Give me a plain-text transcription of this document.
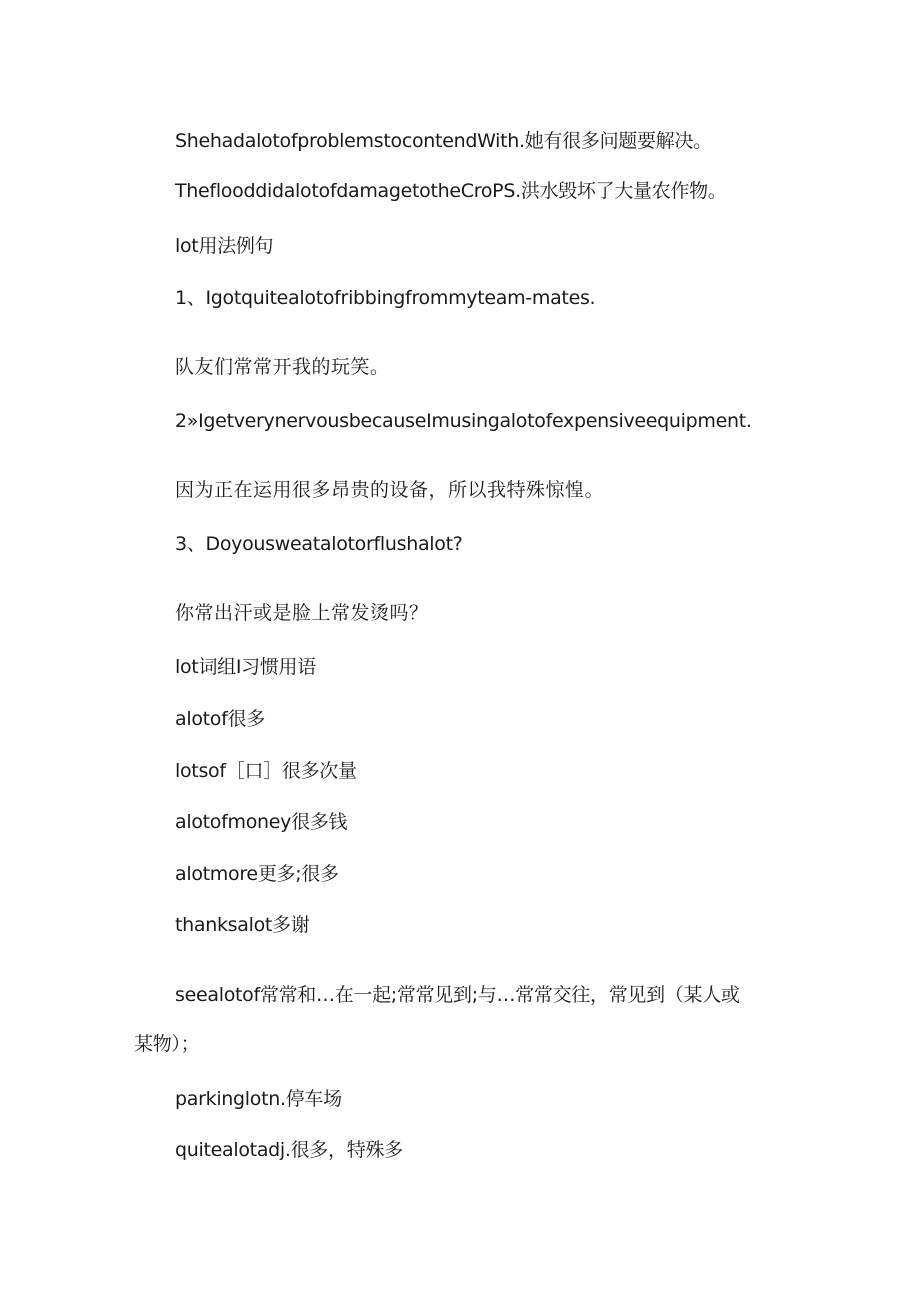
ShehadalotofproblemstocontendWith.她有很多问题要解决。
TheflooddidalotofdamagetotheCroPS.洪水毁坏了大量农作物。
lot用法例句
1、Igotquitealotofribbingfrommyteam-mates.
队友们常常开我的玩笑。
2»IgetverynervousbecauseImusingalotofexpensiveequipment.
因为正在运用很多昂贵的设备，所以我特殊惊惶。
3、Doyousweatalotorflushalot?
你常出汗或是脸上常发烫吗？
lot词组I习惯用语
alotof很多
lotsof［口］很多次量
alotofmoney很多钱
alotmore更多;很多
thanksalot多谢
seealotof常常和…在一起;常常见到;与…常常交往，常见到（某人或
某物）；
parkinglotn.停车场
quitealotadj.很多，特殊多
